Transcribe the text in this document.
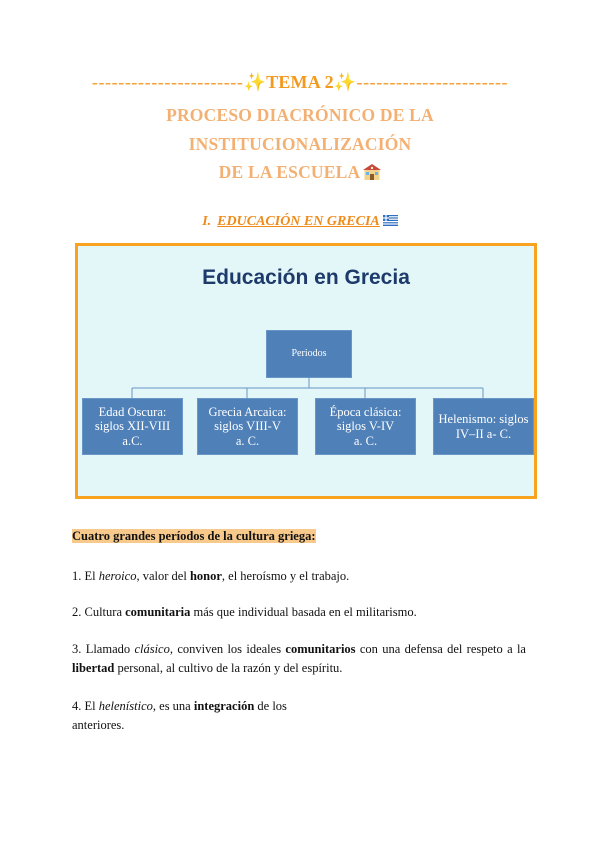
-----------------------✨TEMA 2✨-----------------------
PROCESO DIACRÓNICO DE LA
INSTITUCIONALIZACIÓN
DE LA ESCUELA
I. EDUCACIÓN EN GRECIA
Educación en Grecia
Periodos
Edad Oscura:
siglos XII-VIII
a.C.
Grecia Arcaica:
siglos VIII-V
a. C.
Época clásica:
siglos V-IV
a. C.
Helenismo: siglos
IV–II a- C.
Cuatro grandes períodos de la cultura griega:
1. El heroico, valor del honor, el heroísmo y el trabajo.
2. Cultura comunitaria más que individual basada en el militarismo.
3. Llamado clásico, conviven los ideales comunitarios con una defensa del respeto a la libertad personal, al cultivo de la razón y del espíritu.
4. El helenístico, es una integración de los
anteriores.
